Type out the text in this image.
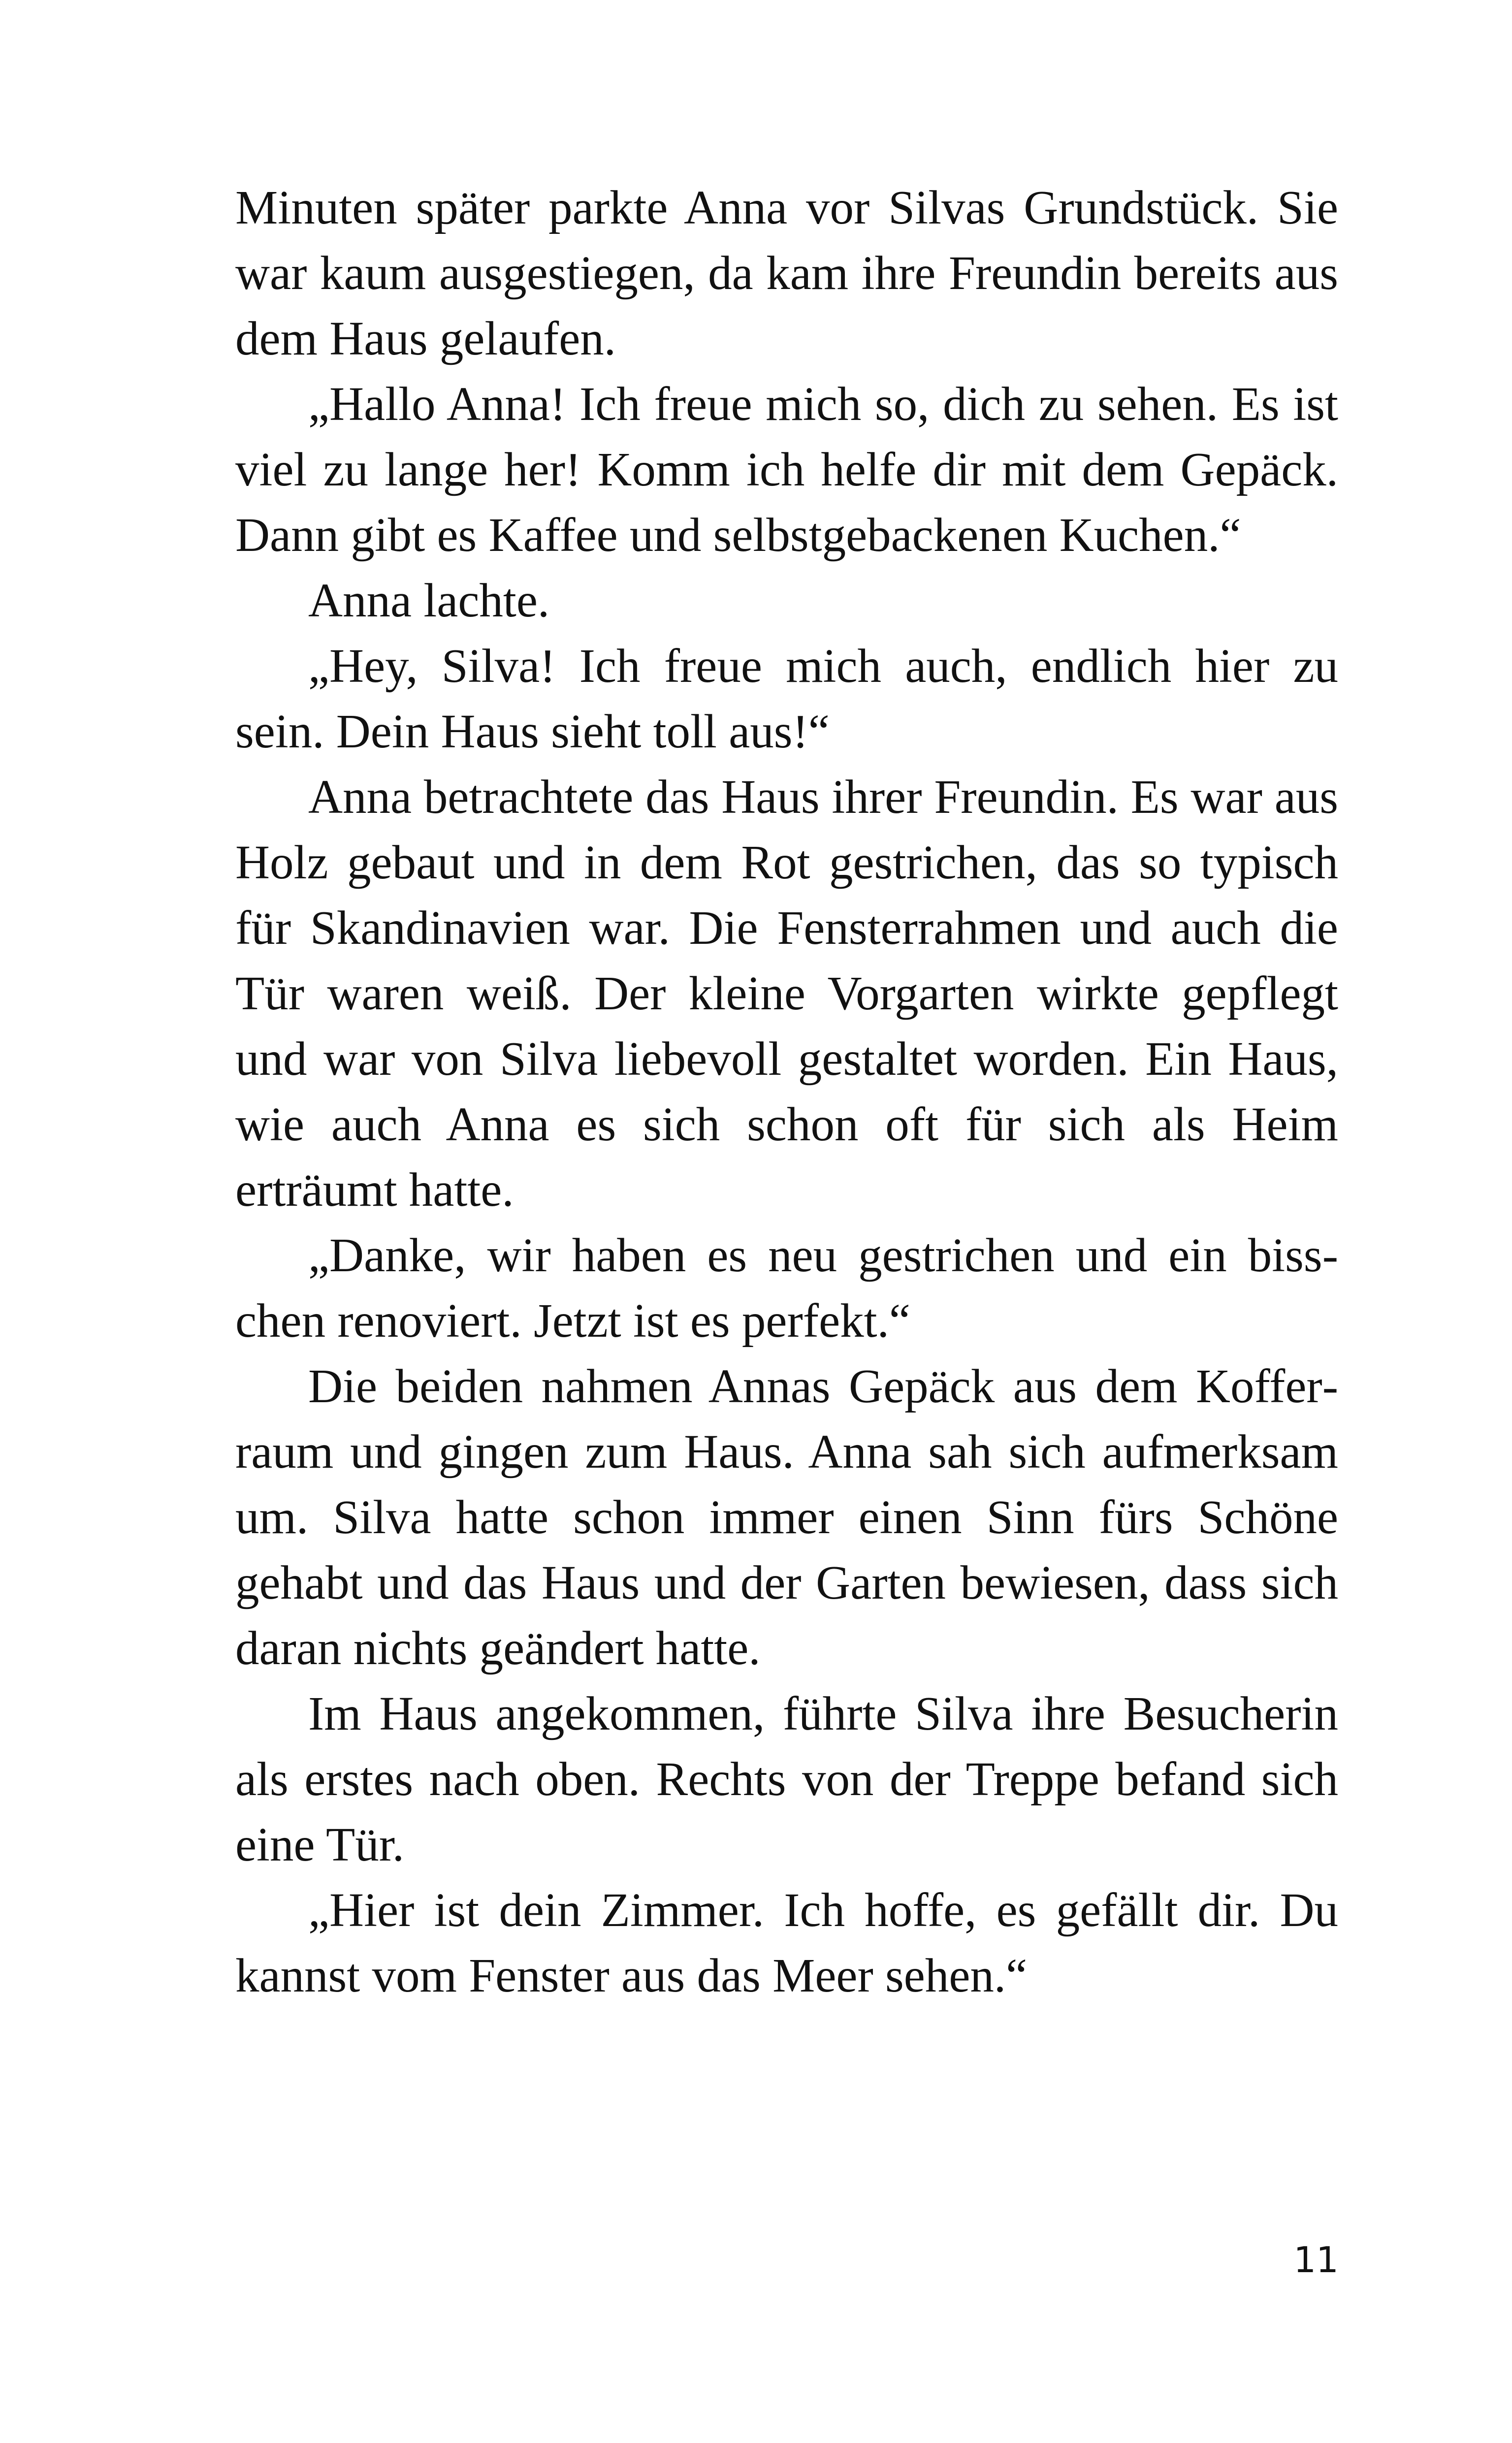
Minuten später parkte Anna vor Silvas Grundstück. Sie war kaum ausgestiegen, da kam ihre Freundin bereits aus dem Haus gelaufen.

„Hallo Anna! Ich freue mich so, dich zu sehen. Es ist viel zu lange her! Komm ich helfe dir mit dem Gepäck. Dann gibt es Kaffee und selbstgebackenen Kuchen.“

Anna lachte.

„Hey, Silva! Ich freue mich auch, endlich hier zu sein. Dein Haus sieht toll aus!“

Anna betrachtete das Haus ihrer Freundin. Es war aus Holz gebaut und in dem Rot gestrichen, das so typisch für Skandinavien war. Die Fensterrahmen und auch die Tür waren weiß. Der kleine Vorgarten wirkte gepflegt und war von Silva liebevoll gestaltet worden. Ein Haus, wie auch Anna es sich schon oft für sich als Heim erträumt hatte.

„Danke, wir haben es neu gestrichen und ein bisschen renoviert. Jetzt ist es perfekt.“

Die beiden nahmen Annas Gepäck aus dem Kofferraum und gingen zum Haus. Anna sah sich aufmerksam um. Silva hatte schon immer einen Sinn fürs Schöne gehabt und das Haus und der Garten bewiesen, dass sich daran nichts geändert hatte.

Im Haus angekommen, führte Silva ihre Besucherin als erstes nach oben. Rechts von der Treppe befand sich eine Tür.

„Hier ist dein Zimmer. Ich hoffe, es gefällt dir. Du kannst vom Fenster aus das Meer sehen.“

11
